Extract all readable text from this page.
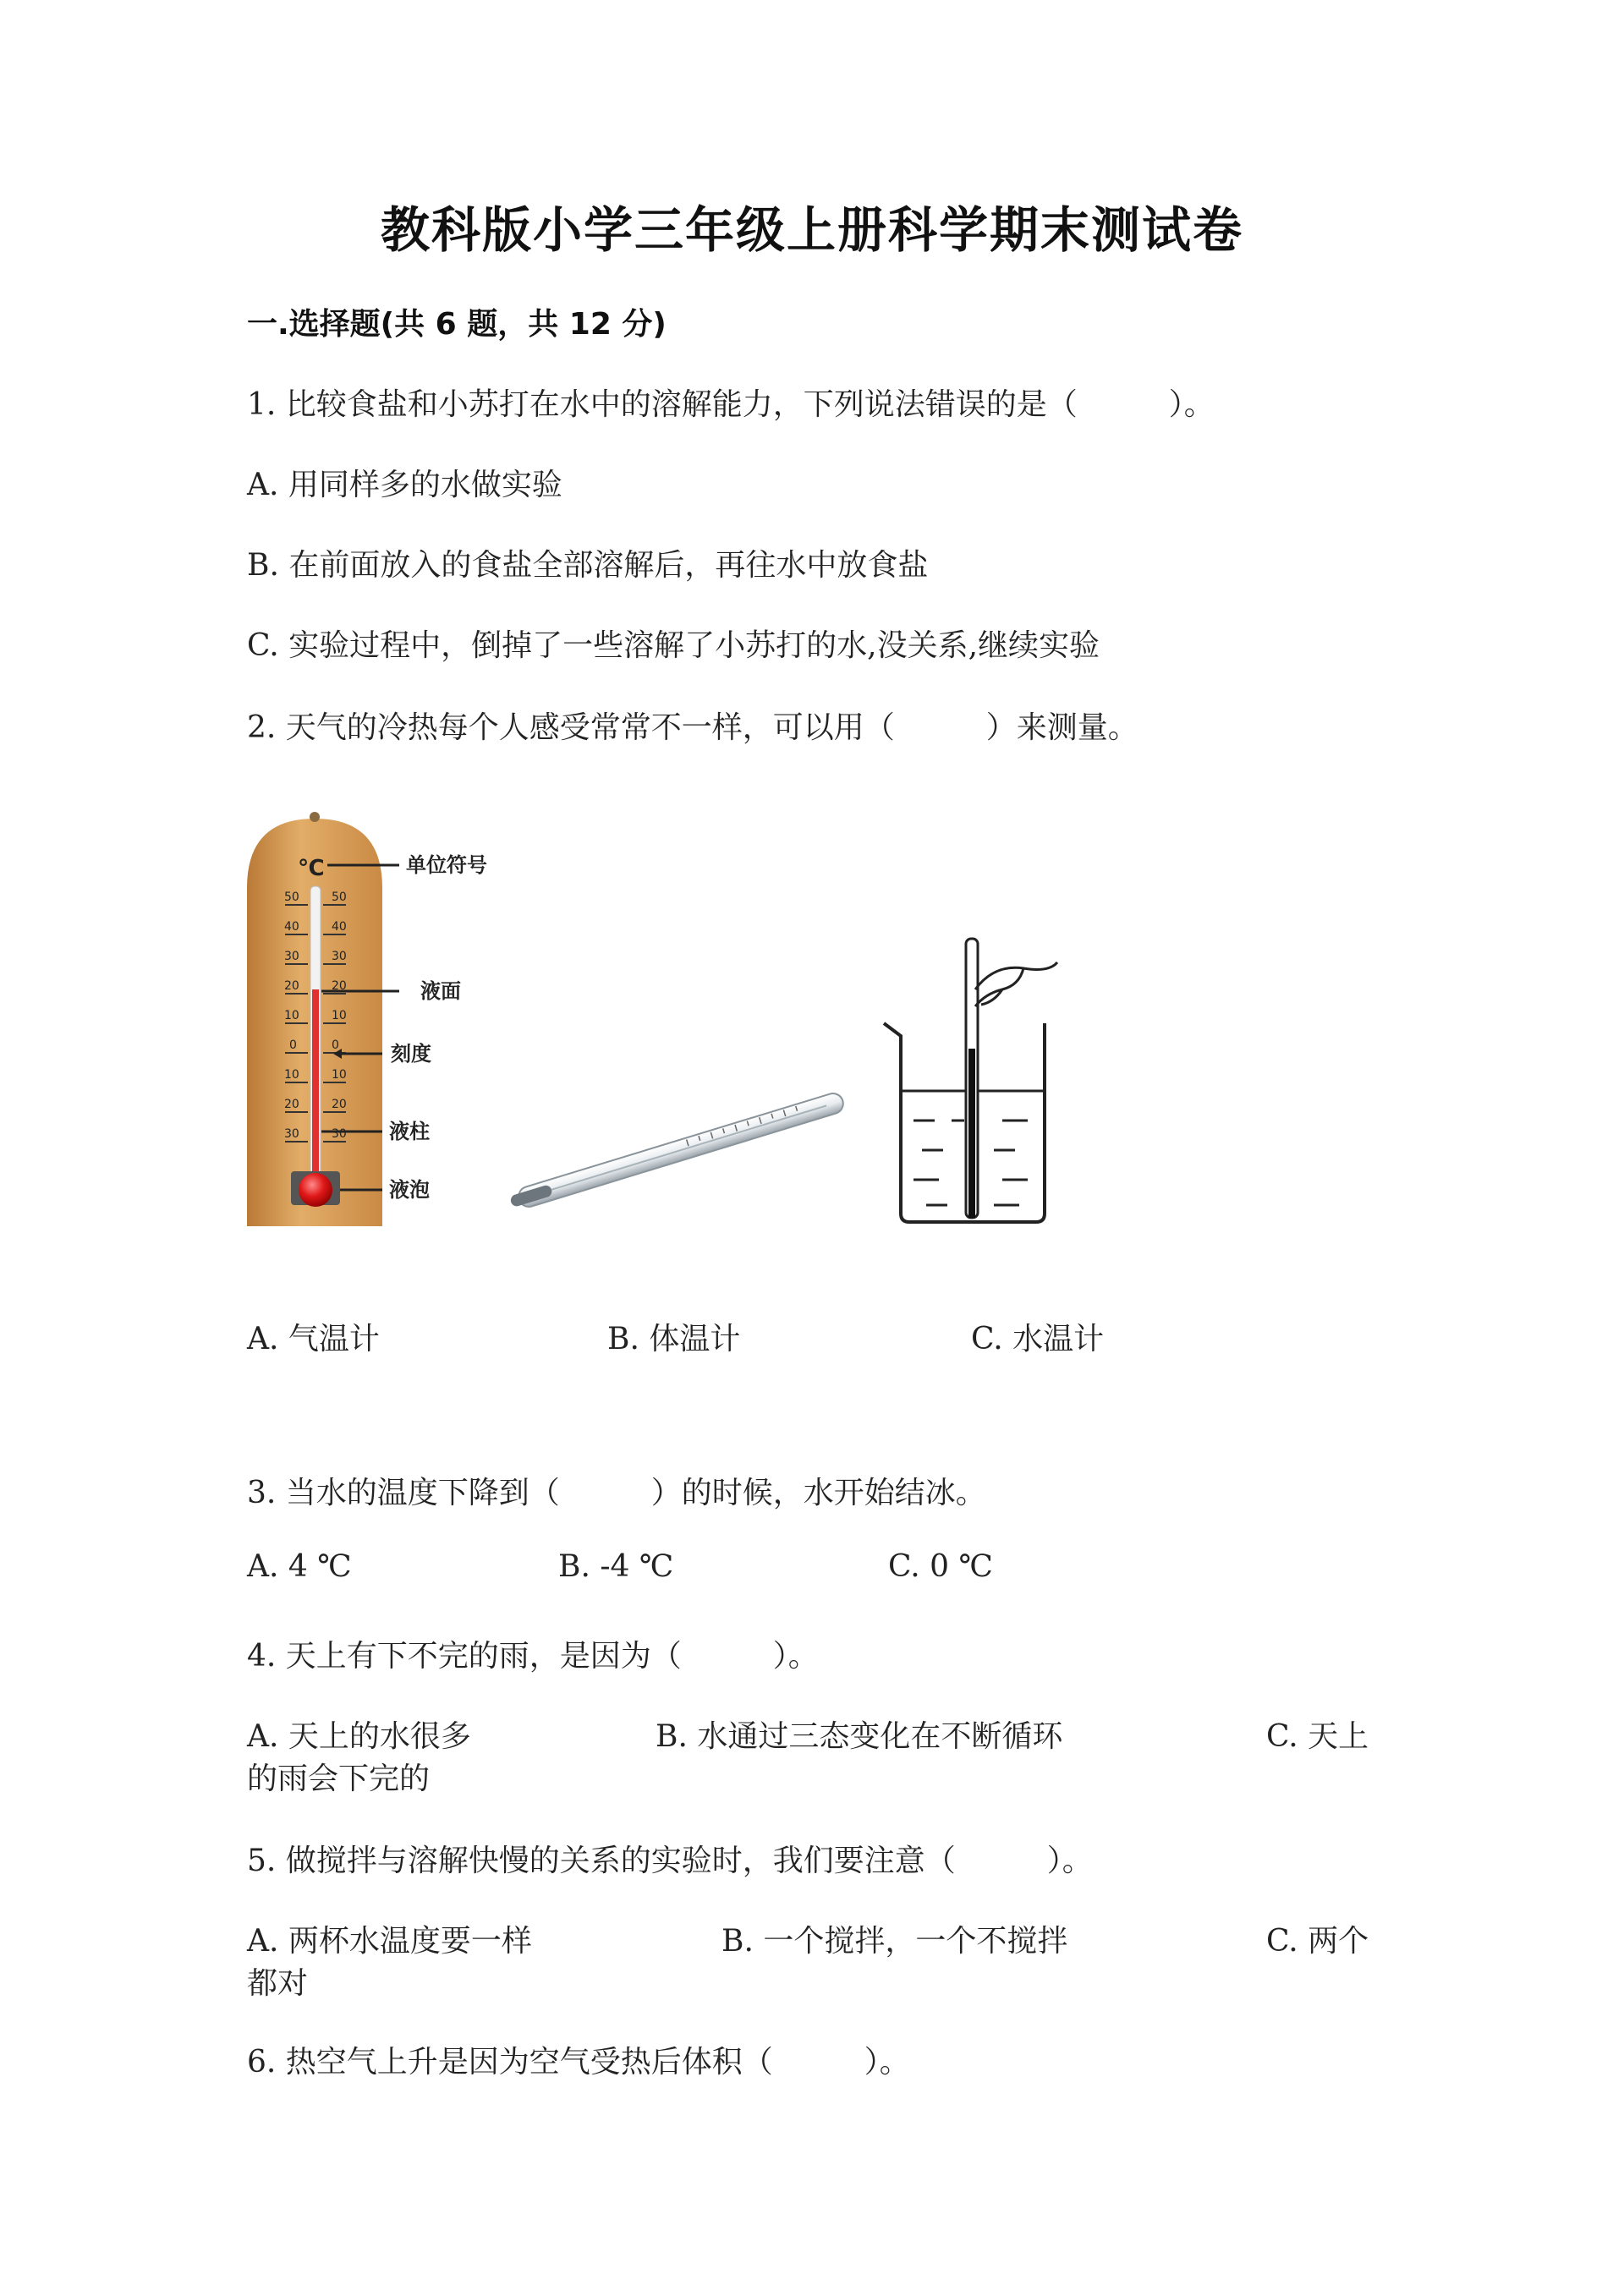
教科版小学三年级上册科学期末测试卷
一.选择题(共 6 题，共 12 分)
1. 比较食盐和小苏打在水中的溶解能力，下列说法错误的是（　　　）。
A. 用同样多的水做实验
B. 在前面放入的食盐全部溶解后，再往水中放食盐
C. 实验过程中，倒掉了一些溶解了小苏打的水,没关系,继续实验
2. 天气的冷热每个人感受常常不一样，可以用（　　　）来测量。
℃
50	50
40	40
30	30
20	20
10	10
0	0
10	10
20	20
30	30
单位符号
液面
刻度
液柱
液泡
A. 气温计	B. 体温计	C. 水温计
3. 当水的温度下降到（　　　）的时候，水开始结冰。
A. 4 ℃	B. -4 ℃	C. 0 ℃
4. 天上有下不完的雨，是因为（　　　）。
A. 天上的水很多	B. 水通过三态变化在不断循环	C. 天上
的雨会下完的
5. 做搅拌与溶解快慢的关系的实验时，我们要注意（　　　）。
A. 两杯水温度要一样	B. 一个搅拌，一个不搅拌	C. 两个
都对
6. 热空气上升是因为空气受热后体积（　　　）。
